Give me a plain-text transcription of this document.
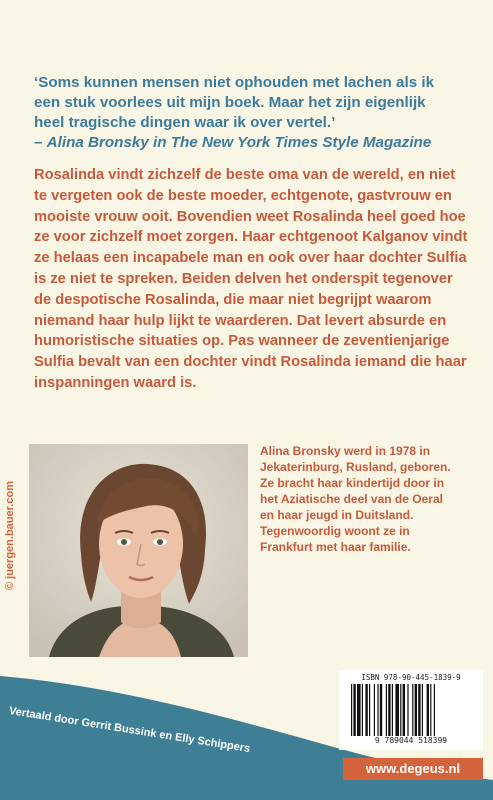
‘Soms kunnen mensen niet ophouden met lachen als ik
een stuk voorlees uit mijn boek. Maar het zijn eigenlijk
heel tragische dingen waar ik over vertel.’
– Alina Bronsky in The New York Times Style Magazine
Rosalinda vindt zichzelf de beste oma van de wereld, en niet
te vergeten ook de beste moeder, echtgenote, gastvrouw en
mooiste vrouw ooit. Bovendien weet Rosalinda heel goed hoe
ze voor zichzelf moet zorgen. Haar echtgenoot Kalganov vindt
ze helaas een incapabele man en ook over haar dochter Sulfia
is ze niet te spreken. Beiden delven het onderspit tegenover
de despotische Rosalinda, die maar niet begrijpt waarom
niemand haar hulp lijkt te waarderen. Dat levert absurde en
humoristische situaties op. Pas wanneer de zeventienjarige
Sulfia bevalt van een dochter vindt Rosalinda iemand die haar
inspanningen waard is.
© juergen.bauer.com
Alina Bronsky werd in 1978 in
Jekaterinburg, Rusland, geboren.
Ze bracht haar kindertijd door in
het Aziatische deel van de Oeral
en haar jeugd in Duitsland.
Tegenwoordig woont ze in
Frankfurt met haar familie.
Vertaald door Gerrit Bussink en Elly Schippers
ISBN 978-90-445-1839-9
9 789044 518399
www.degeus.nl
